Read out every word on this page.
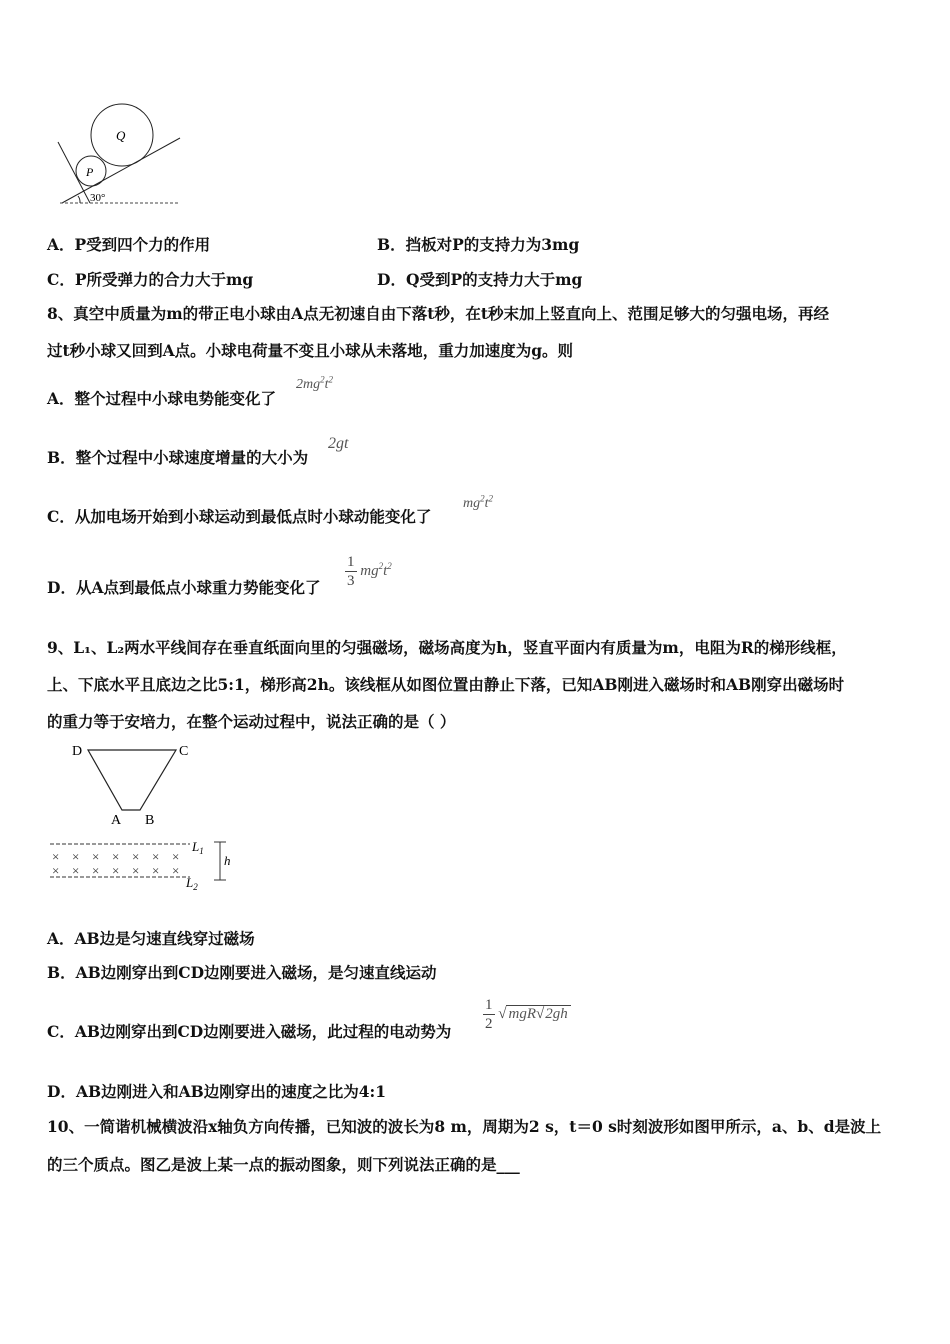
Q
P
30°
A．P受到四个力的作用	B．挡板对P的支持力为3mg
C．P所受弹力的合力大于mg	D．Q受到P的支持力大于mg
8、真空中质量为m的带正电小球由A点无初速自由下落t秒，在t秒末加上竖直向上、范围足够大的匀强电场，再经
过t秒小球又回到A点。小球电荷量不变且小球从未落地，重力加速度为g。则
A．整个过程中小球电势能变化了
$2mg^2t^2$
B．整个过程中小球速度增量的大小为
2gt
C．从加电场开始到小球运动到最低点时小球动能变化了
$mg^2t^2$
D．从A点到最低点小球重力势能变化了 $\frac{1}{3} mg^2t^2$
9、L₁、L₂两水平线间存在垂直纸面向里的匀强磁场，磁场高度为h，竖直平面内有质量为m，电阻为R的梯形线框，
上、下底水平且底边之比5:1，梯形高2h。该线框从如图位置由静止下落，已知AB刚进入磁场时和AB刚穿出磁场时
的重力等于安培力，在整个运动过程中，说法正确的是（ ）
D	C
A B
× × × × × × ×
× × × × × × ×
$L_1$
$L_2$
h
A．AB边是匀速直线穿过磁场
B．AB边刚穿出到CD边刚要进入磁场，是匀速直线运动
C．AB边刚穿出到CD边刚要进入磁场，此过程的电动势为 $\frac{1}{2}$ √ mgR√2gh
D．AB边刚进入和AB边刚穿出的速度之比为4:1
10、一简谐机械横波沿x轴负方向传播，已知波的波长为8 m，周期为2 s，t＝0 s时刻波形如图甲所示，a、b、d是波上
的三个质点。图乙是波上某一点的振动图象，则下列说法正确的是___
